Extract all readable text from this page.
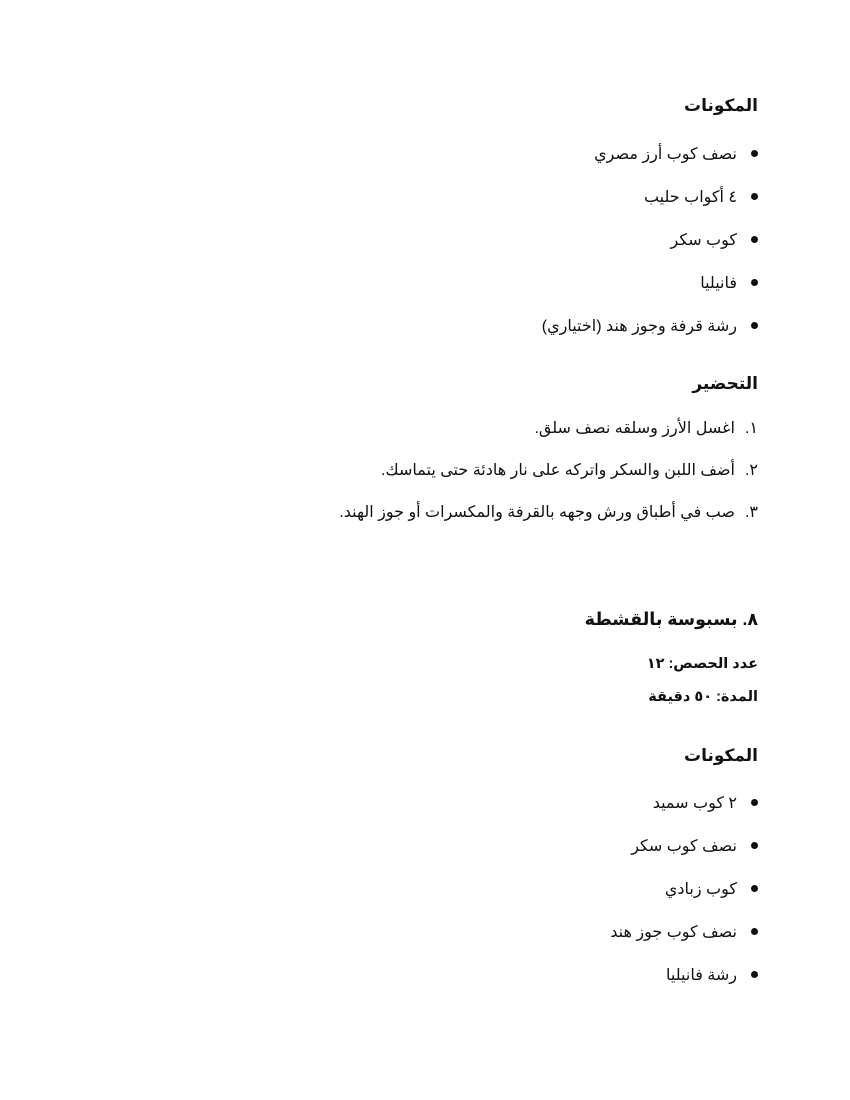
المكونات

نصف كوب أرز مصري
٤ أكواب حليب
كوب سكر
فانيليا
رشة قرفة وجوز هند (اختياري)

التحضير

١.اغسل الأرز وسلقه نصف سلق.
٢.أضف اللبن والسكر واتركه على نار هادئة حتى يتماسك.
٣.صب في أطباق ورش وجهه بالقرفة والمكسرات أو جوز الهند.

٨. بسبوسة بالقشطة

عدد الحصص: ١٢
المدة: ٥٠ دقيقة

المكونات

٢ كوب سميد
نصف كوب سكر
كوب زبادي
نصف كوب جوز هند
رشة فانيليا
